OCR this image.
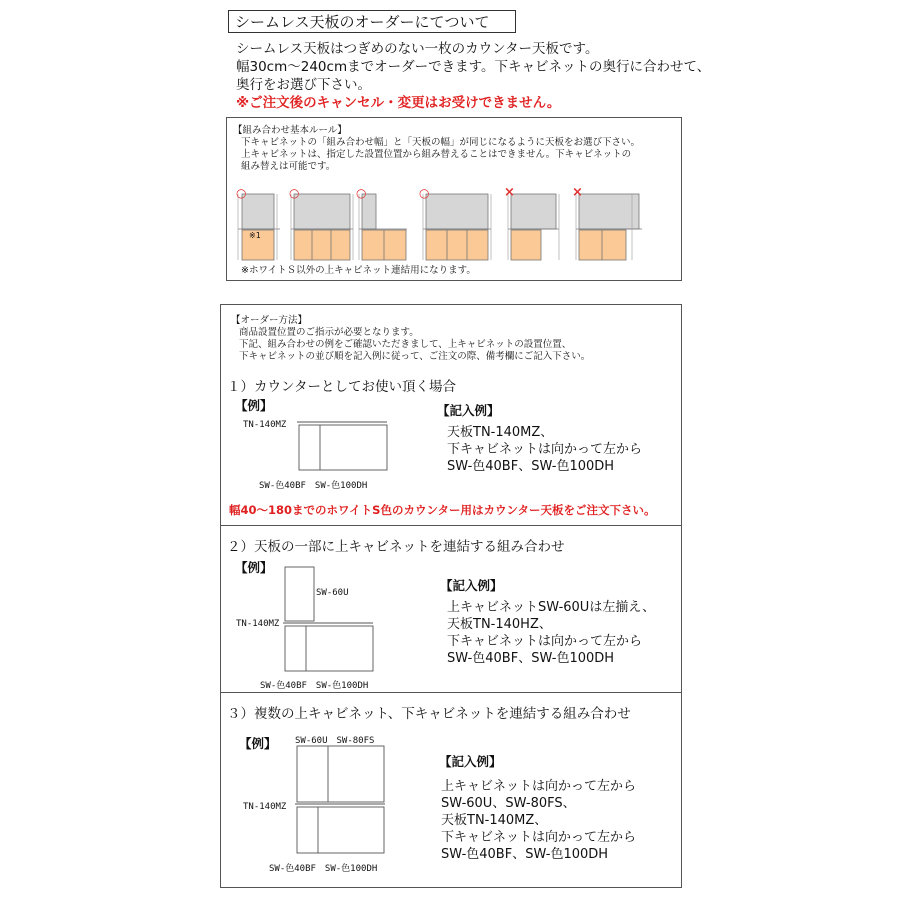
シームレス天板のオーダーにてついて
シームレス天板はつぎめのない一枚のカウンター天板です。
幅30cm～240cmまでオーダーできます。下キャビネットの奥行に合わせて、
奥行をお選び下さい。
※ご注文後のキャンセル・変更はお受けできません。
【組み合わせ基本ルール】
下キャビネットの「組み合わせ幅」と「天板の幅」が同じになるように天板をお選び下さい。
上キャビネットは、指定した設置位置から組み替えることはできません。下キャビネットの
組み替えは可能です。
○	○	○	○	×	×
※1
※ホワイトＳ以外の上キャビネット連結用になります。
【オーダー方法】
商品設置位置のご指示が必要となります。
下記、組み合わせの例をご確認いただきまして、上キャビネットの設置位置、
下キャビネットの並び順を記入例に従って、ご注文の際、備考欄にご記入下さい。
１）カウンターとしてお使い頂く場合
【例】
TN-140MZ
SW-色40BF　SW-色100DH
【記入例】
天板TN-140MZ、
下キャビネットは向かって左から
SW-色40BF、SW-色100DH
幅40～180までのホワイトS色のカウンター用はカウンター天板をご注文下さい。
２）天板の一部に上キャビネットを連結する組み合わせ
【例】
SW-60U
TN-140MZ
SW-色40BF　SW-色100DH
【記入例】
上キャビネットSW-60Uは左揃え、
天板TN-140HZ、
下キャビネットは向かって左から
SW-色40BF、SW-色100DH
３）複数の上キャビネット、下キャビネットを連結する組み合わせ
【例】 SW-60U　SW-80FS
TN-140MZ
SW-色40BF　SW-色100DH
【記入例】
上キャビネットは向かって左から
SW-60U、SW-80FS、
天板TN-140MZ、
下キャビネットは向かって左から
SW-色40BF、SW-色100DH
